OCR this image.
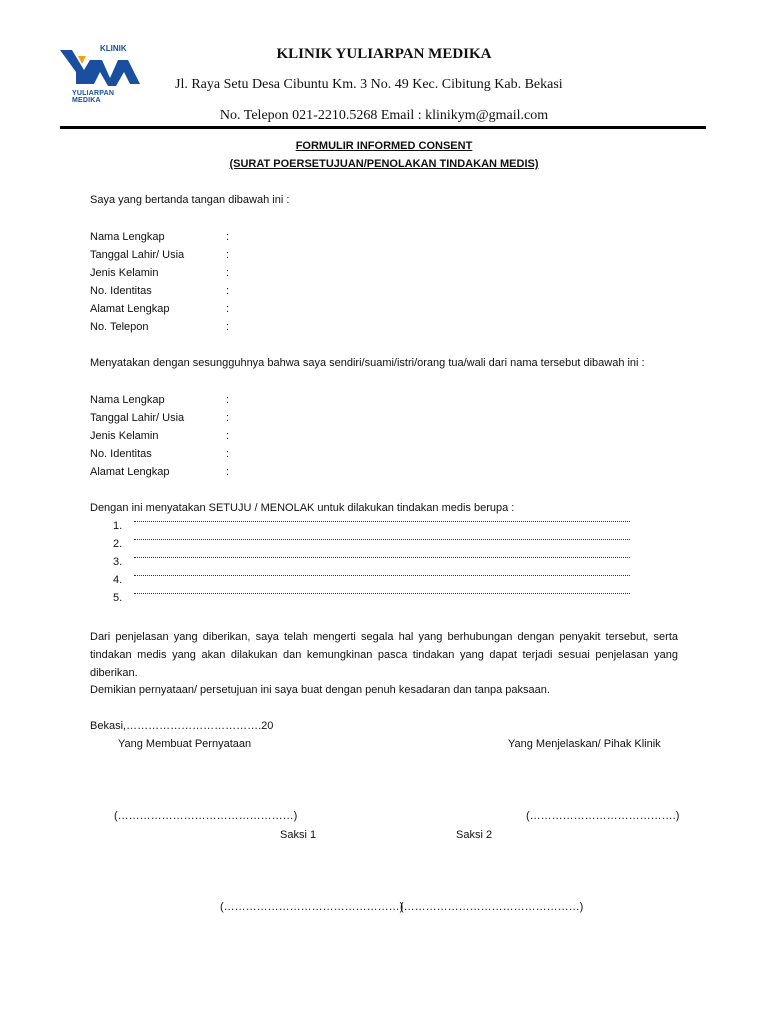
KLINIK
YULIARPAN MEDIKA
KLINIK YULIARPAN MEDIKA
Jl. Raya Setu Desa Cibuntu Km. 3 No. 49 Kec. Cibitung Kab. Bekasi
No. Telepon 021-2210.5268 Email : klinikym@gmail.com
FORMULIR INFORMED CONSENT
(SURAT POERSETUJUAN/PENOLAKAN TINDAKAN MEDIS)
Saya yang bertanda tangan dibawah ini :
Nama Lengkap	:
Tanggal Lahir/ Usia	:
Jenis Kelamin	:
No. Identitas	:
Alamat Lengkap	:
No. Telepon	:
Menyatakan dengan sesungguhnya bahwa saya sendiri/suami/istri/orang tua/wali dari nama tersebut dibawah ini :
Nama Lengkap	:
Tanggal Lahir/ Usia	:
Jenis Kelamin	:
No. Identitas	:
Alamat Lengkap	:
Dengan ini menyatakan SETUJU / MENOLAK untuk dilakukan tindakan medis berupa :
1.
2.
3.
4.
5.
Dari penjelasan yang diberikan, saya telah mengerti segala hal yang berhubungan dengan penyakit tersebut, serta tindakan medis yang akan dilakukan dan kemungkinan pasca tindakan yang dapat terjadi sesuai penjelasan yang diberikan.
Demikian pernyataan/ persetujuan ini saya buat dengan penuh kesadaran dan tanpa paksaan.
Bekasi,……………………………….20
Yang Membuat Pernyataan	Yang Menjelaskan/ Pihak Klinik
(…………………………………………)	(………………………………….)
Saksi 1	Saksi 2
(…………………………………………)
(…………………………………………)
